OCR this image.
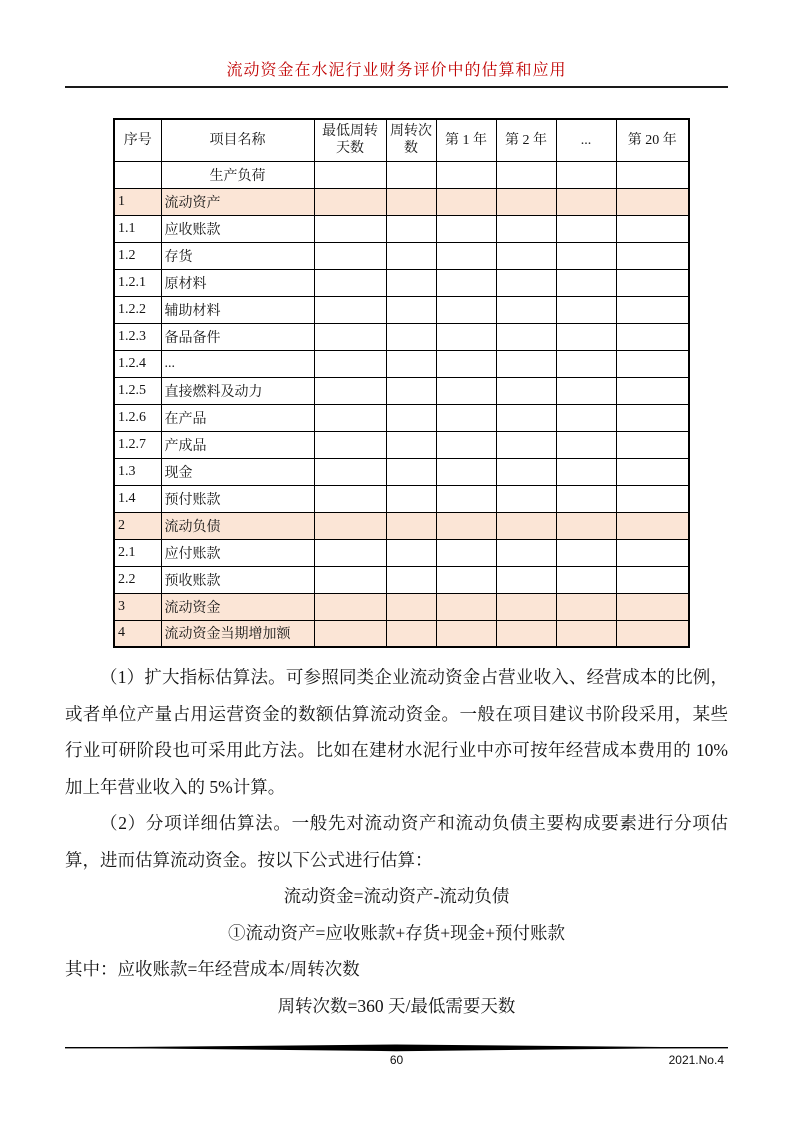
流动资金在水泥行业财务评价中的估算和应用
序号	项目名称	最低周转天数	周转次数	第 1 年	第 2 年	...	第 20 年
	生产负荷						
1	流动资产						
1.1	应收账款						
1.2	存货						
1.2.1	原材料						
1.2.2	辅助材料						
1.2.3	备品备件						
1.2.4	...						
1.2.5	直接燃料及动力						
1.2.6	在产品						
1.2.7	产成品						
1.3	现金						
1.4	预付账款						
2	流动负债						
2.1	应付账款						
2.2	预收账款						
3	流动资金						
4	流动资金当期增加额						

（1）扩大指标估算法。可参照同类企业流动资金占营业收入、经营成本的比例，或者单位产量占用运营资金的数额估算流动资金。一般在项目建议书阶段采用，某些行业可研阶段也可采用此方法。比如在建材水泥行业中亦可按年经营成本费用的 10%加上年营业收入的 5%计算。

（2）分项详细估算法。一般先对流动资产和流动负债主要构成要素进行分项估算，进而估算流动资金。按以下公式进行估算：

流动资金=流动资产-流动负债

①流动资产=应收账款+存货+现金+预付账款

其中：应收账款=年经营成本/周转次数

周转次数=360 天/最低需要天数

60	2021.No.4
